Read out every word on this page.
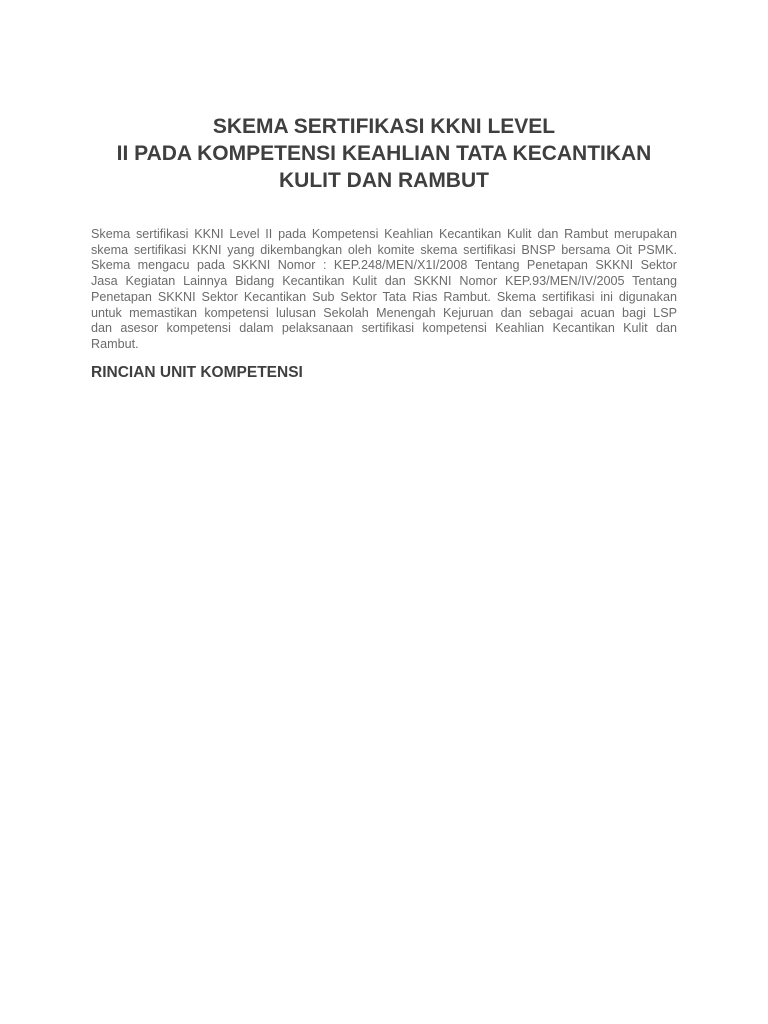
SKEMA SERTIFIKASI KKNI LEVEL
II PADA KOMPETENSI KEAHLIAN TATA KECANTIKAN
KULIT DAN RAMBUT

Skema sertifikasi KKNI Level II pada Kompetensi Keahlian Kecantikan Kulit dan Rambut merupakan
skema sertifikasi KKNI yang dikembangkan oleh komite skema sertifikasi BNSP bersama Oit PSMK.
Skema mengacu pada SKKNI Nomor : KEP.248/MEN/X1I/2008 Tentang Penetapan SKKNI Sektor
Jasa Kegiatan Lainnya Bidang Kecantikan Kulit dan SKKNI Nomor KEP.93/MEN/IV/2005 Tentang
Penetapan SKKNI Sektor Kecantikan Sub Sektor Tata Rias Rambut. Skema sertifikasi ini digunakan
untuk memastikan kompetensi lulusan Sekolah Menengah Kejuruan dan sebagai acuan bagi LSP
dan asesor kompetensi dalam pelaksanaan sertifikasi kompetensi Keahlian Kecantikan Kulit dan
Rambut.

RINCIAN UNIT KOMPETENSI
